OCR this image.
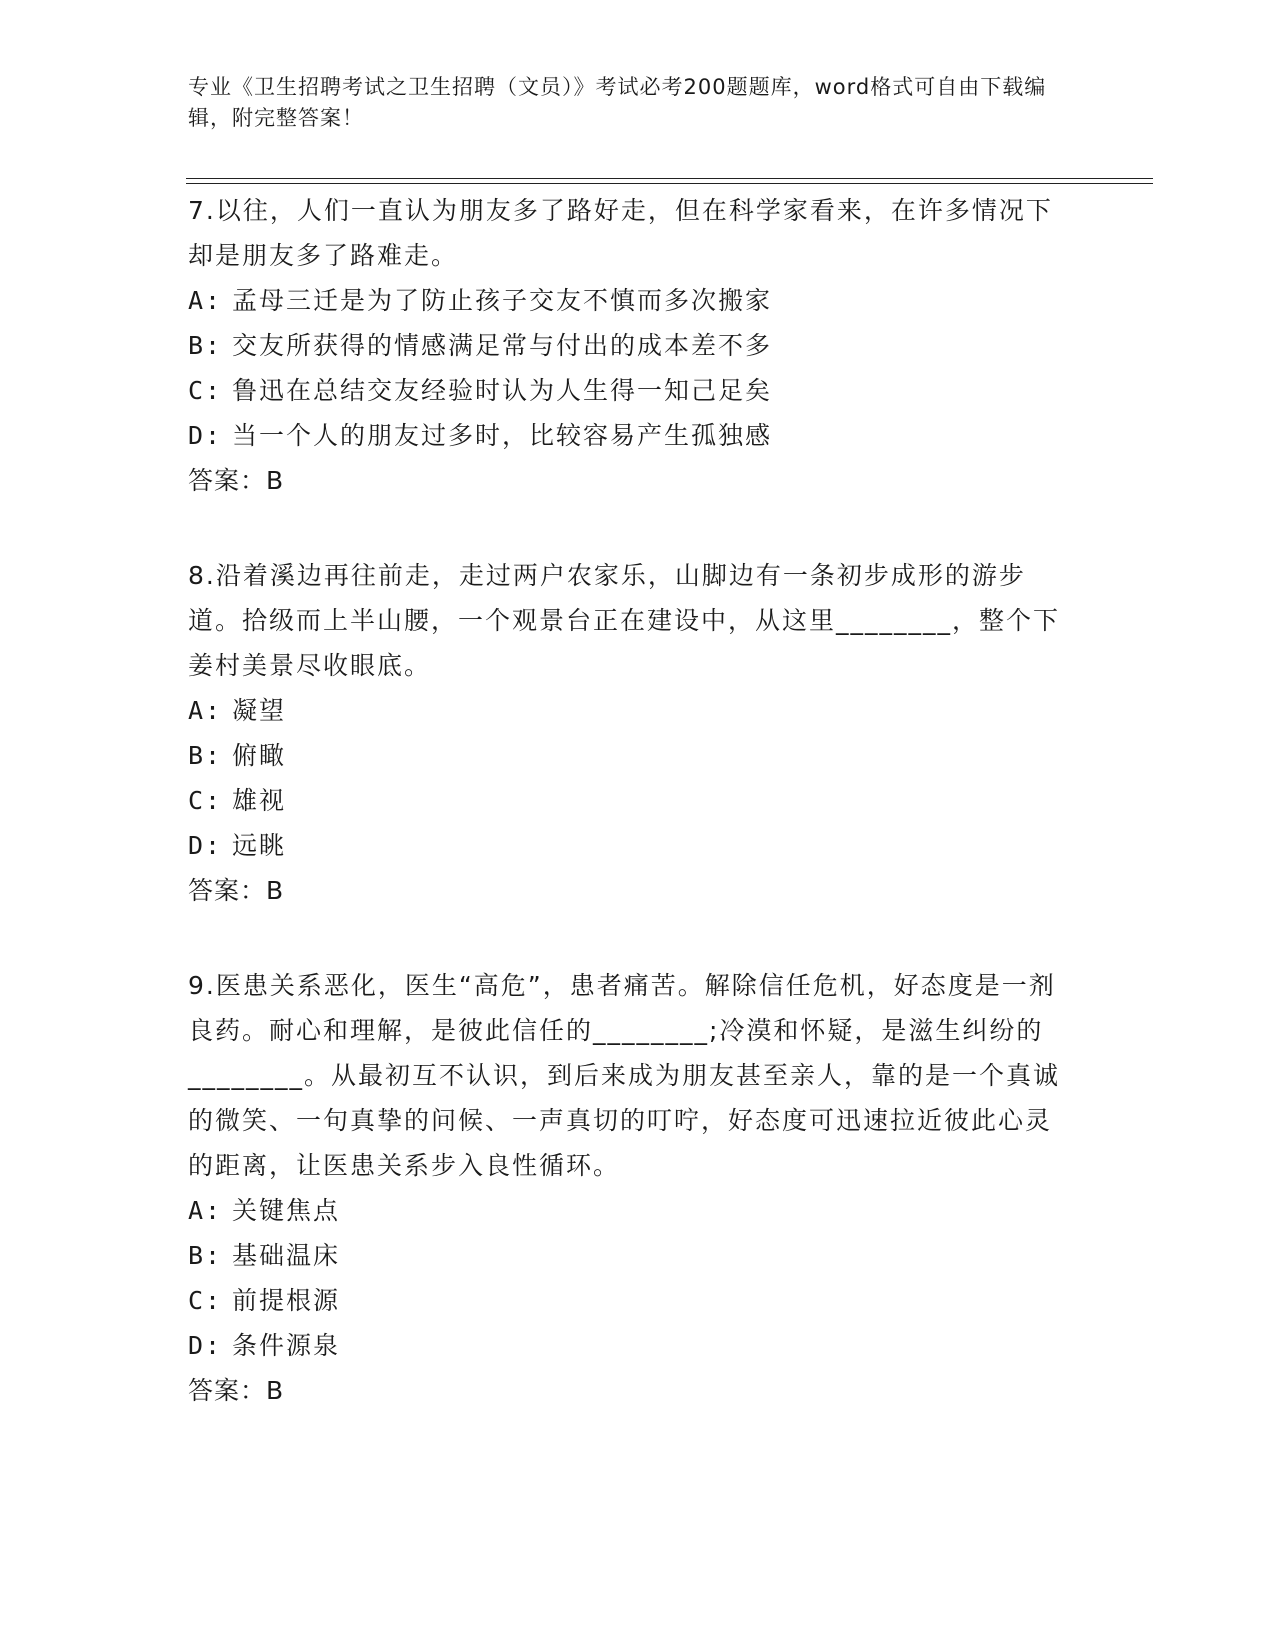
专业《卫生招聘考试之卫生招聘（文员）》考试必考200题题库，word格式可自由下载编辑，附完整答案！

7.以往，人们一直认为朋友多了路好走，但在科学家看来，在许多情况下却是朋友多了路难走。

A: 孟母三迁是为了防止孩子交友不慎而多次搬家
B: 交友所获得的情感满足常与付出的成本差不多
C: 鲁迅在总结交友经验时认为人生得一知己足矣
D: 当一个人的朋友过多时，比较容易产生孤独感
答案：B

8.沿着溪边再往前走，走过两户农家乐，山脚边有一条初步成形的游步道。拾级而上半山腰，一个观景台正在建设中，从这里________，整个下姜村美景尽收眼底。

A: 凝望
B: 俯瞰
C: 雄视
D: 远眺
答案：B

9.医患关系恶化，医生“高危”，患者痛苦。解除信任危机，好态度是一剂良药。耐心和理解，是彼此信任的________;冷漠和怀疑，是滋生纠纷的________。从最初互不认识，到后来成为朋友甚至亲人，靠的是一个真诚的微笑、一句真挚的问候、一声真切的叮咛，好态度可迅速拉近彼此心灵的距离，让医患关系步入良性循环。

A: 关键焦点
B: 基础温床
C: 前提根源
D: 条件源泉
答案：B
